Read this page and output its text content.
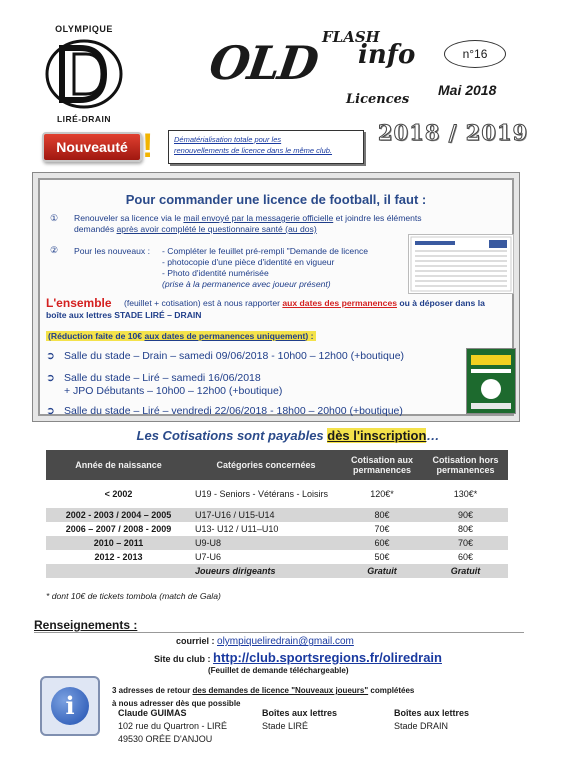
OLYMPIQUE
LIRÉ-DRAIN
OLD FLASH
info
Licences
n°16
Mai 2018
Nouveauté !	Dématérialisation totale pour les
renouvellements de licence dans le même club.
2018 / 2019
Pour commander une licence de football, il faut :
① Renouveler sa licence via le mail envoyé par la messagerie officielle et joindre les éléments
demandés après avoir complété le questionnaire santé (au dos)
② Pour les nouveaux : - Compléter le feuillet pré-rempli "Demande de licence
- photocopie d'une pièce d'identité en vigueur
- Photo d'identité numérisée
(prise à la permanence avec joueur présent)
L'ensemble (feuillet + cotisation) est à nous rapporter aux dates des permanences ou à déposer dans la
boîte aux lettres STADE LIRÉ – DRAIN
(Réduction faite de 10€ aux dates de permanences uniquement) :
➲ Salle du stade – Drain – samedi 09/06/2018 - 10h00 – 12h00 (+boutique)
➲ Salle du stade – Liré – samedi 16/06/2018
+ JPO Débutants – 10h00 – 12h00 (+boutique)
➲ Salle du stade – Liré – vendredi 22/06/2018 - 18h00 – 20h00 (+boutique)
Les Cotisations sont payables dès l'inscription…
Année de naissance	Catégories concernées	Cotisation aux permanences	Cotisation hors permanences
< 2002	U19 - Seniors - Vétérans - Loisirs	120€*	130€*
2002 - 2003 / 2004 – 2005	U17-U16 / U15-U14	80€	90€
2006 – 2007 / 2008 - 2009	U13- U12 / U11–U10	70€	80€
2010 – 2011	U9-U8	60€	70€
2012 - 2013	U7-U6	50€	60€
	Joueurs dirigeants	Gratuit	Gratuit
* dont 10€ de tickets tombola (match de Gala)
Renseignements :
courriel : olympiqueliredrain@gmail.com
Site du club : http://club.sportsregions.fr/oliredrain
(Feuillet de demande téléchargeable)
i
3 adresses de retour des demandes de licence "Nouveaux joueurs" complétées
à nous adresser dès que possible
Claude GUIMAS
102 rue du Quartron - LIRÉ
49530 ORÉE D'ANJOU
Boîtes aux lettres
Stade LIRÉ
Boîtes aux lettres
Stade DRAIN
